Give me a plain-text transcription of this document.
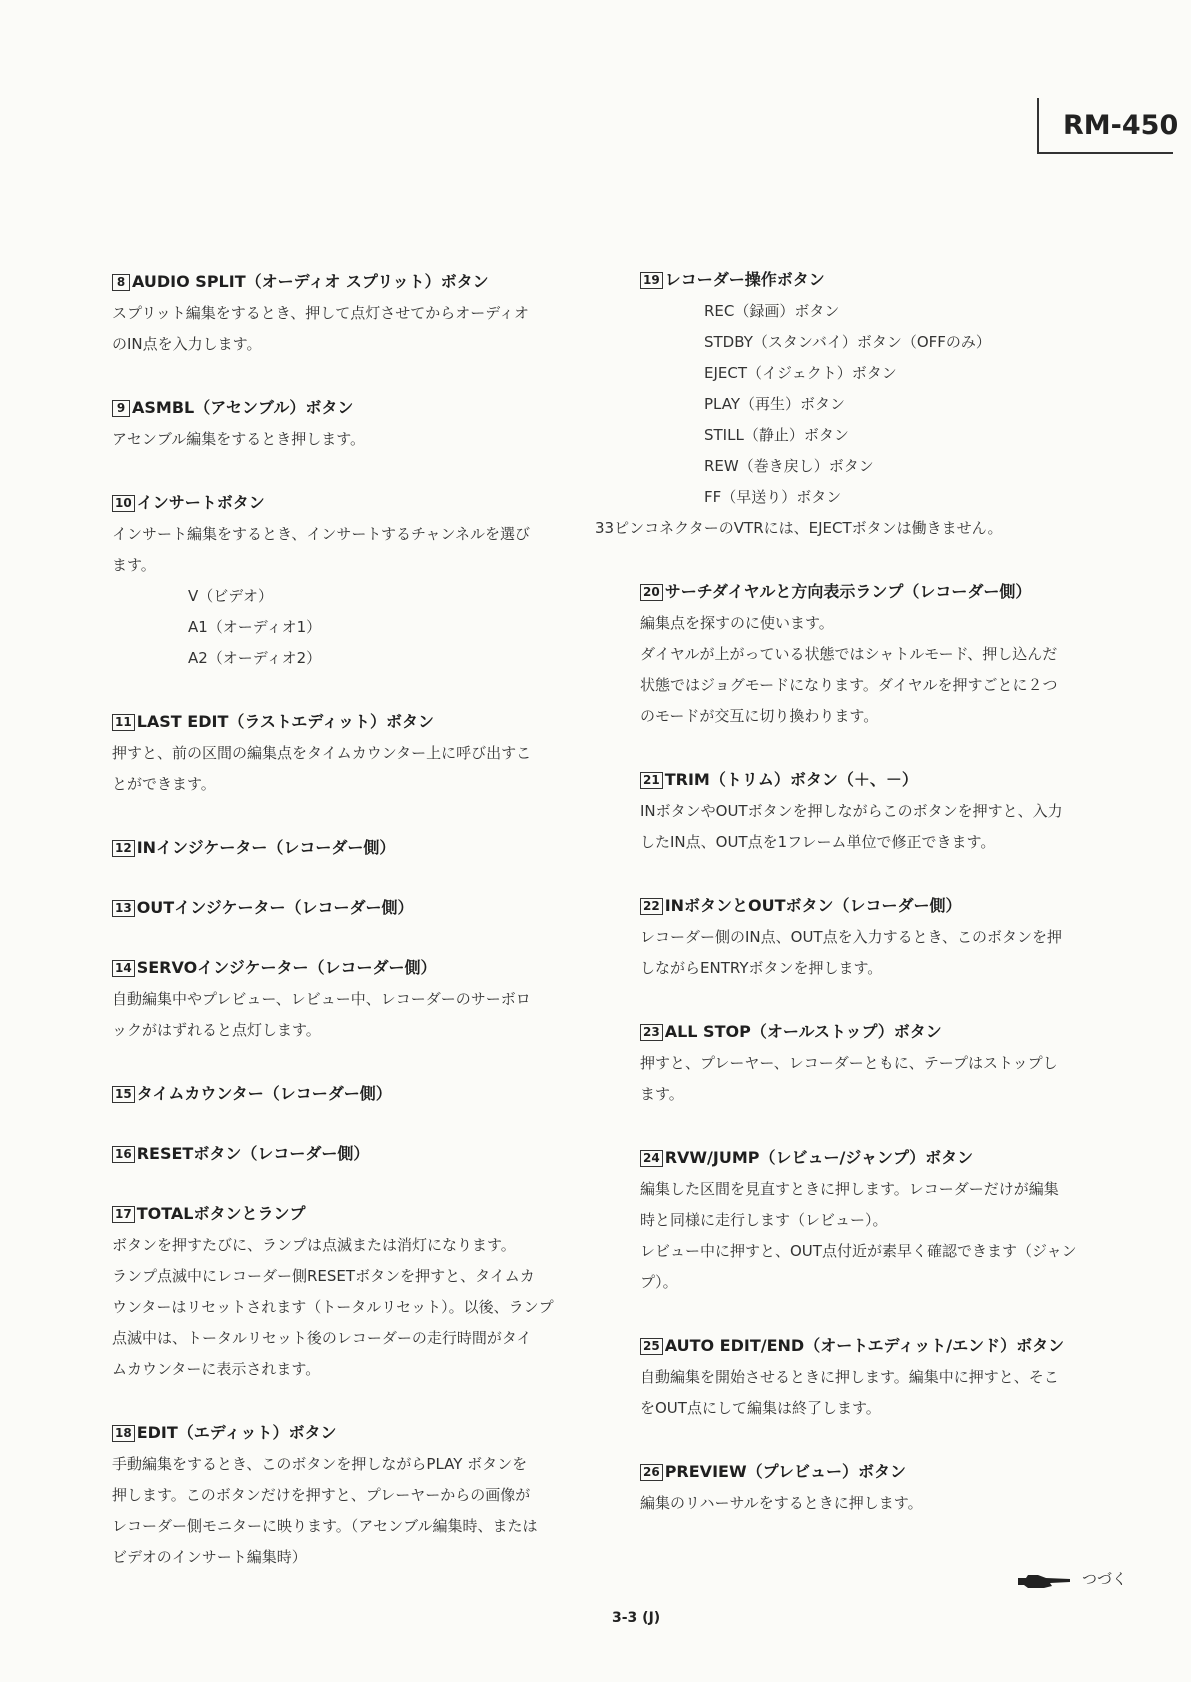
RM-450
8 AUDIO SPLIT（オーディオ スプリット）ボタン
スプリット編集をするとき、押して点灯させてからオーディオ
のIN点を入力します。
9 ASMBL（アセンブル）ボタン
アセンブル編集をするとき押します。
10 インサートボタン
インサート編集をするとき、インサートするチャンネルを選び
ます。
V（ビデオ）
A1（オーディオ1）
A2（オーディオ2）
11 LAST EDIT（ラストエディット）ボタン
押すと、前の区間の編集点をタイムカウンター上に呼び出すこ
とができます。
12 INインジケーター（レコーダー側）
13 OUTインジケーター（レコーダー側）
14 SERVOインジケーター（レコーダー側）
自動編集中やプレビュー、レビュー中、レコーダーのサーボロ
ックがはずれると点灯します。
15 タイムカウンター（レコーダー側）
16 RESETボタン（レコーダー側）
17 TOTALボタンとランプ
ボタンを押すたびに、ランプは点滅または消灯になります。
ランプ点滅中にレコーダー側RESETボタンを押すと、タイムカ
ウンターはリセットされます（トータルリセット）。以後、ランプ
点滅中は、トータルリセット後のレコーダーの走行時間がタイ
ムカウンターに表示されます。
18 EDIT（エディット）ボタン
手動編集をするとき、このボタンを押しながらPLAY ボタンを
押します。このボタンだけを押すと、プレーヤーからの画像が
レコーダー側モニターに映ります。（アセンブル編集時、または
ビデオのインサート編集時）
19 レコーダー操作ボタン
REC（録画）ボタン
STDBY（スタンバイ）ボタン（OFFのみ）
EJECT（イジェクト）ボタン
PLAY（再生）ボタン
STILL（静止）ボタン
REW（巻き戻し）ボタン
FF（早送り）ボタン
33ピンコネクターのVTRには、EJECTボタンは働きません。
20 サーチダイヤルと方向表示ランプ（レコーダー側）
編集点を探すのに使います。
ダイヤルが上がっている状態ではシャトルモード、押し込んだ
状態ではジョグモードになります。ダイヤルを押すごとに２つ
のモードが交互に切り換わります。
21 TRIM（トリム）ボタン（＋、－）
INボタンやOUTボタンを押しながらこのボタンを押すと、入力
したIN点、OUT点を1フレーム単位で修正できます。
22 INボタンとOUTボタン（レコーダー側）
レコーダー側のIN点、OUT点を入力するとき、このボタンを押
しながらENTRYボタンを押します。
23 ALL STOP（オールストップ）ボタン
押すと、プレーヤー、レコーダーともに、テープはストップし
ます。
24 RVW/JUMP（レビュー/ジャンプ）ボタン
編集した区間を見直すときに押します。レコーダーだけが編集
時と同様に走行します（レビュー）。
レビュー中に押すと、OUT点付近が素早く確認できます（ジャン
プ）。
25 AUTO EDIT/END（オートエディット/エンド）ボタン
自動編集を開始させるときに押します。編集中に押すと、そこ
をOUT点にして編集は終了します。
26 PREVIEW（プレビュー）ボタン
編集のリハーサルをするときに押します。
つづく
3-3 (J)
